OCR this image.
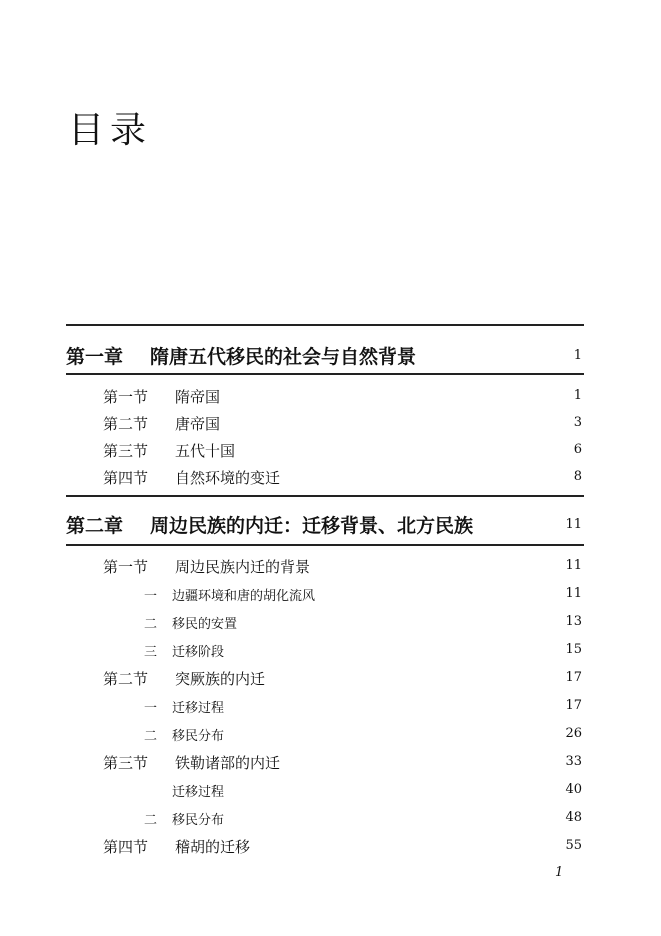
目录
第一章 隋唐五代移民的社会与自然背景	1
第一节 隋帝国	1
第二节 唐帝国	3
第三节 五代十国	6
第四节 自然环境的变迁	8
第二章 周边民族的内迁：迁移背景、北方民族	11
第一节 周边民族内迁的背景	11
一 边疆环境和唐的胡化流风	11
二 移民的安置	13
三 迁移阶段	15
第二节 突厥族的内迁	17
一 迁移过程	17
二 移民分布	26
第三节 铁勒诸部的内迁	33
迁移过程	40
二 移民分布	48
第四节 稽胡的迁移	55
1
